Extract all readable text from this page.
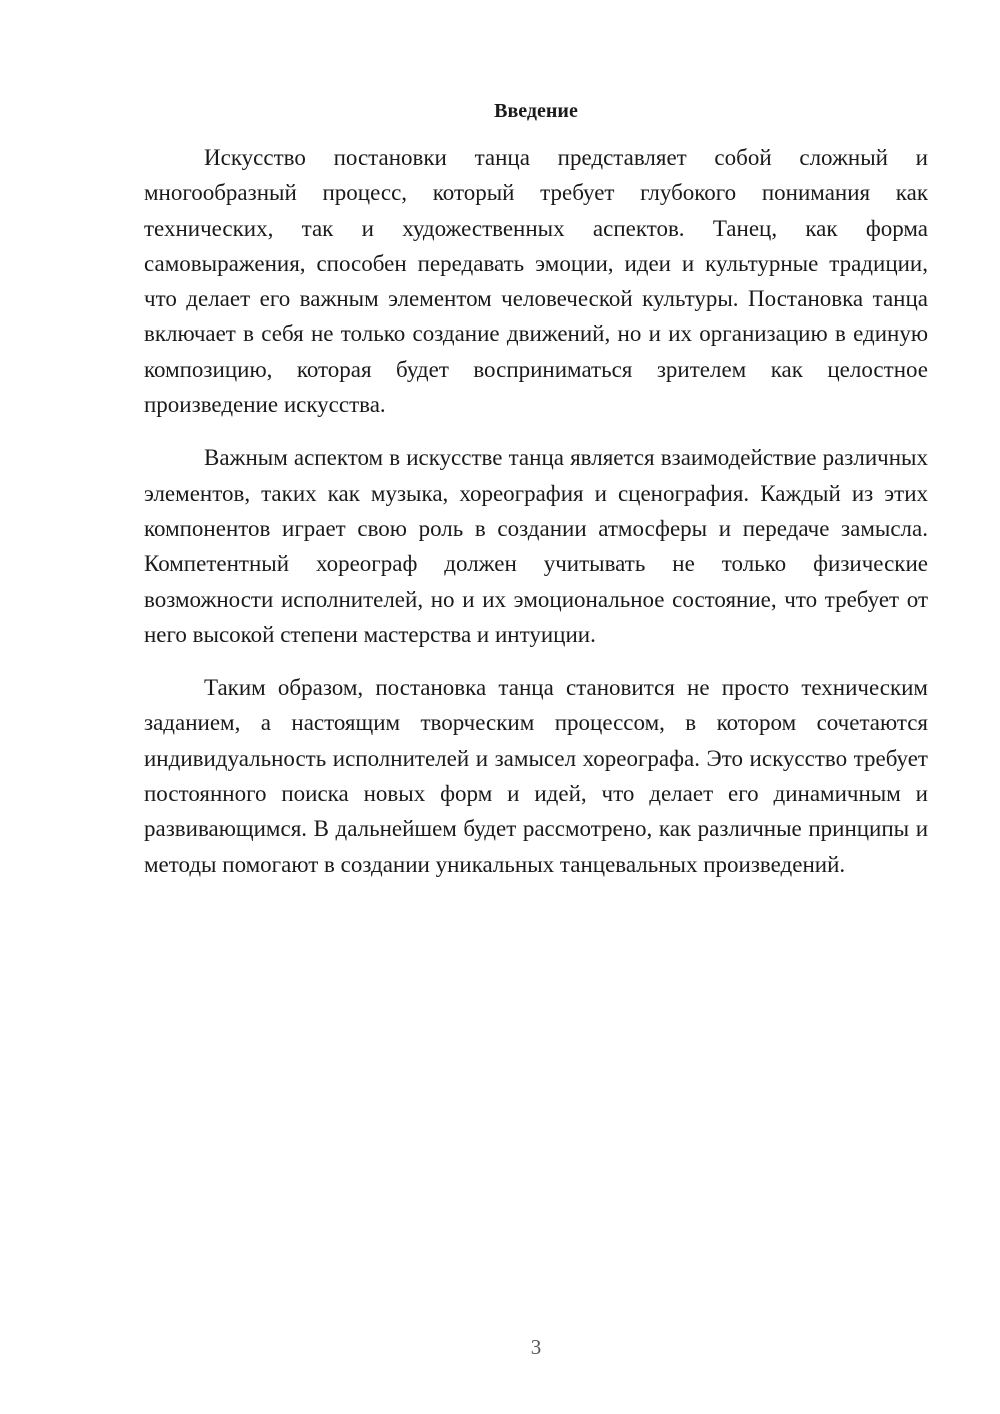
Введение

Искусство постановки танца представляет собой сложный и многообразный процесс, который требует глубокого понимания как технических, так и художественных аспектов. Танец, как форма самовыражения, способен передавать эмоции, идеи и культурные традиции, что делает его важным элементом человеческой культуры. Постановка танца включает в себя не только создание движений, но и их организацию в единую композицию, которая будет восприниматься зрителем как целостное произведение искусства.

Важным аспектом в искусстве танца является взаимодействие различных элементов, таких как музыка, хореография и сценография. Каждый из этих компонентов играет свою роль в создании атмосферы и передаче замысла. Компетентный хореограф должен учитывать не только физические возможности исполнителей, но и их эмоциональное состояние, что требует от него высокой степени мастерства и интуиции.

Таким образом, постановка танца становится не просто техническим заданием, а настоящим творческим процессом, в котором сочетаются индивидуальность исполнителей и замысел хореографа. Это искусство требует постоянного поиска новых форм и идей, что делает его динамичным и развивающимся. В дальнейшем будет рассмотрено, как различные принципы и методы помогают в создании уникальных танцевальных произведений.

3
